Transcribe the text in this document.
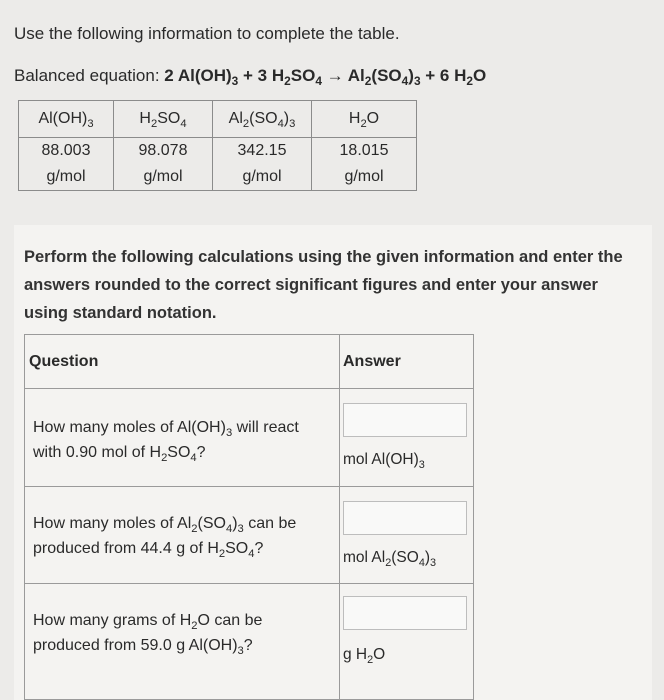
Use the following information to complete the table.
Balanced equation: 2 $Al(OH)_3 + 3$ $H_2SO_4 \to Al_2(SO_4)_3 + 6$ $H_2O$
$Al(OH)_3$	$H_2SO_4$	$Al_2(SO_4)_3$	$H_2O$
88.003	98.078	342.15	18.015
g/mol	g/mol	g/mol	g/mol
Perform the following calculations using the given information and enter the answers rounded to the correct significant figures and enter your answer using standard notation.
Question	Answer
How many moles of $Al(OH)_3$ will react
with 0.90 mol of $H_2SO_4$?	mol $Al(OH)_3$
How many moles of $Al_2(SO_4)_3$ can be
produced from 44.4 g of $H_2SO_4$?
mol $Al_2(SO_4)_3$
How many grams of $H_2O$ can be
produced from 59.0 g $Al(OH)_3$?
g $H_2O$
